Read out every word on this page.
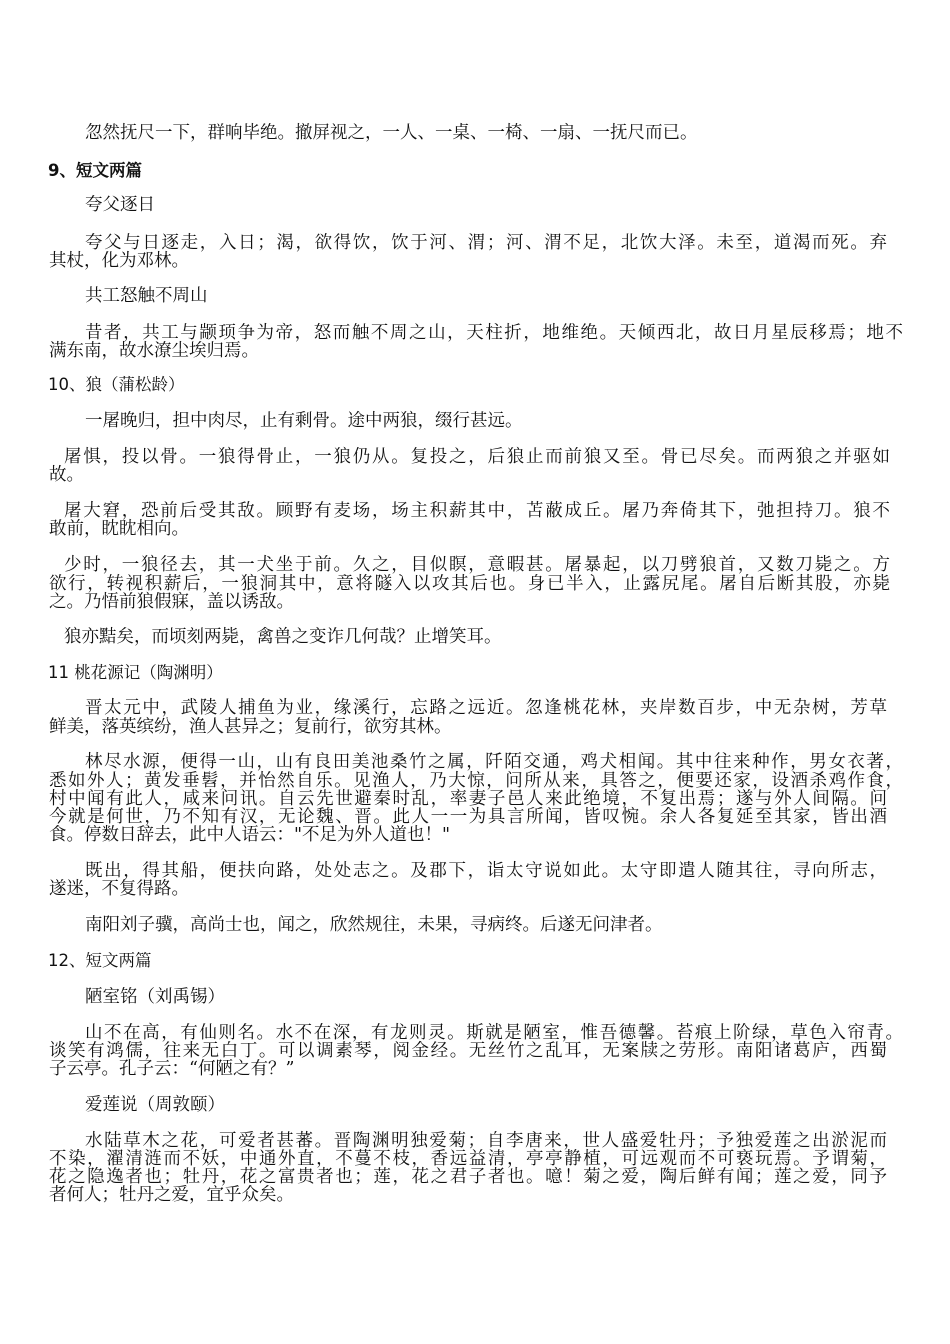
忽然抚尺一下，群响毕绝。撤屏视之，一人、一桌、一椅、一扇、一抚尺而已。
9、短文两篇
夸父逐日
夸父与日逐走，入日；渴，欲得饮，饮于河、渭；河、渭不足，北饮大泽。未至，道渴而死。弃
其杖，化为邓林。
共工怒触不周山
昔者，共工与颛顼争为帝，怒而触不周之山，天柱折，地维绝。天倾西北，故日月星辰移焉；地不
满东南，故水潦尘埃归焉。
10、狼（蒲松龄）
一屠晚归，担中肉尽，止有剩骨。途中两狼，缀行甚远。
屠惧，投以骨。一狼得骨止，一狼仍从。复投之，后狼止而前狼又至。骨已尽矣。而两狼之并驱如
故。
屠大窘，恐前后受其敌。顾野有麦场，场主积薪其中，苫蔽成丘。屠乃奔倚其下，弛担持刀。狼不
敢前，眈眈相向。
少时，一狼径去，其一犬坐于前。久之，目似瞑，意暇甚。屠暴起，以刀劈狼首，又数刀毙之。方
欲行，转视积薪后，一狼洞其中，意将隧入以攻其后也。身已半入，止露尻尾。屠自后断其股，亦毙
之。乃悟前狼假寐，盖以诱敌。
狼亦黠矣，而顷刻两毙，禽兽之变诈几何哉？止增笑耳。
11 桃花源记（陶渊明）
晋太元中，武陵人捕鱼为业，缘溪行，忘路之远近。忽逢桃花林，夹岸数百步，中无杂树，芳草
鲜美，落英缤纷，渔人甚异之；复前行，欲穷其林。
林尽水源，便得一山，山有良田美池桑竹之属，阡陌交通，鸡犬相闻。其中往来种作，男女衣著，
悉如外人；黄发垂髫，并怡然自乐。见渔人，乃大惊，问所从来，具答之，便要还家，设酒杀鸡作食，
村中闻有此人，咸来问讯。自云先世避秦时乱，率妻子邑人来此绝境，不复出焉；遂与外人间隔。问
今就是何世，乃不知有汉，无论魏、晋。此人一一为具言所闻，皆叹惋。余人各复延至其家，皆出酒
食。停数日辞去，此中人语云："不足为外人道也！"
既出，得其船，便扶向路，处处志之。及郡下，诣太守说如此。太守即遣人随其往，寻向所志，
遂迷，不复得路。
南阳刘子骥，高尚士也，闻之，欣然规往，未果，寻病终。后遂无问津者。
12、短文两篇
陋室铭（刘禹锡）
山不在高，有仙则名。水不在深，有龙则灵。斯就是陋室，惟吾德馨。苔痕上阶绿，草色入帘青。
谈笑有鸿儒，往来无白丁。可以调素琴，阅金经。无丝竹之乱耳，无案牍之劳形。南阳诸葛庐，西蜀
子云亭。孔子云：“何陋之有？”
爱莲说（周敦颐）
水陆草木之花，可爱者甚蕃。晋陶渊明独爱菊；自李唐来，世人盛爱牡丹；予独爱莲之出淤泥而
不染，濯清涟而不妖，中通外直，不蔓不枝，香远益清，亭亭静植，可远观而不可亵玩焉。予谓菊，
花之隐逸者也；牡丹，花之富贵者也；莲，花之君子者也。噫！菊之爱，陶后鲜有闻；莲之爱，同予
者何人；牡丹之爱，宜乎众矣。
